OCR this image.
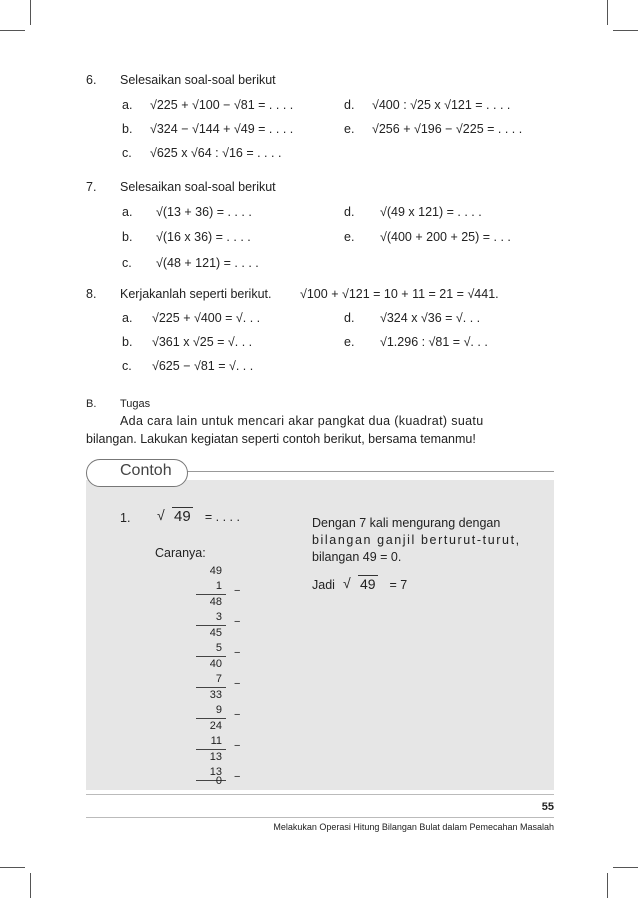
6. Selesaikan soal-soal berikut
a. √225 + √100 − √81 = . . . .
b. √324 − √144 + √49 = . . . .
c. √625 x √64 : √16 = . . . .
d. √400 : √25 x √121 = . . . .
e. √256 + √196 − √225 = . . . .
7. Selesaikan soal-soal berikut
a. √(13 + 36) = . . . .
b. √(16 x 36) = . . . .
c. √(48 + 121) = . . . .
d. √(49 x 121) = . . . .
e. √(400 + 200 + 25) = . . .
8. Kerjakanlah seperti berikut. √100 + √121 = 10 + 11 = 21 = √441.
a. √225 + √400 = √. . .
b. √361 x √25 = √. . .
c. √625 − √81 = √. . .
d. √324 x √36 = √. . .
e. √1.296 : √81 = √. . .
B. Tugas
Ada cara lain untuk mencari akar pangkat dua (kuadrat) suatu
bilangan. Lakukan kegiatan seperti contoh berikut, bersama temanmu!
Contoh
1.	√ 49 = . . . .
Caranya:
49
1 −
48
3 −
45
5 −
40
7 −
33
9 −
24
11 −
13
13 −
0
Dengan 7 kali mengurang dengan
bilangan ganjil berturut-turut,
bilangan 49 = 0.
Jadi	√ 49 = 7
55
Melakukan Operasi Hitung Bilangan Bulat dalam Pemecahan Masalah
